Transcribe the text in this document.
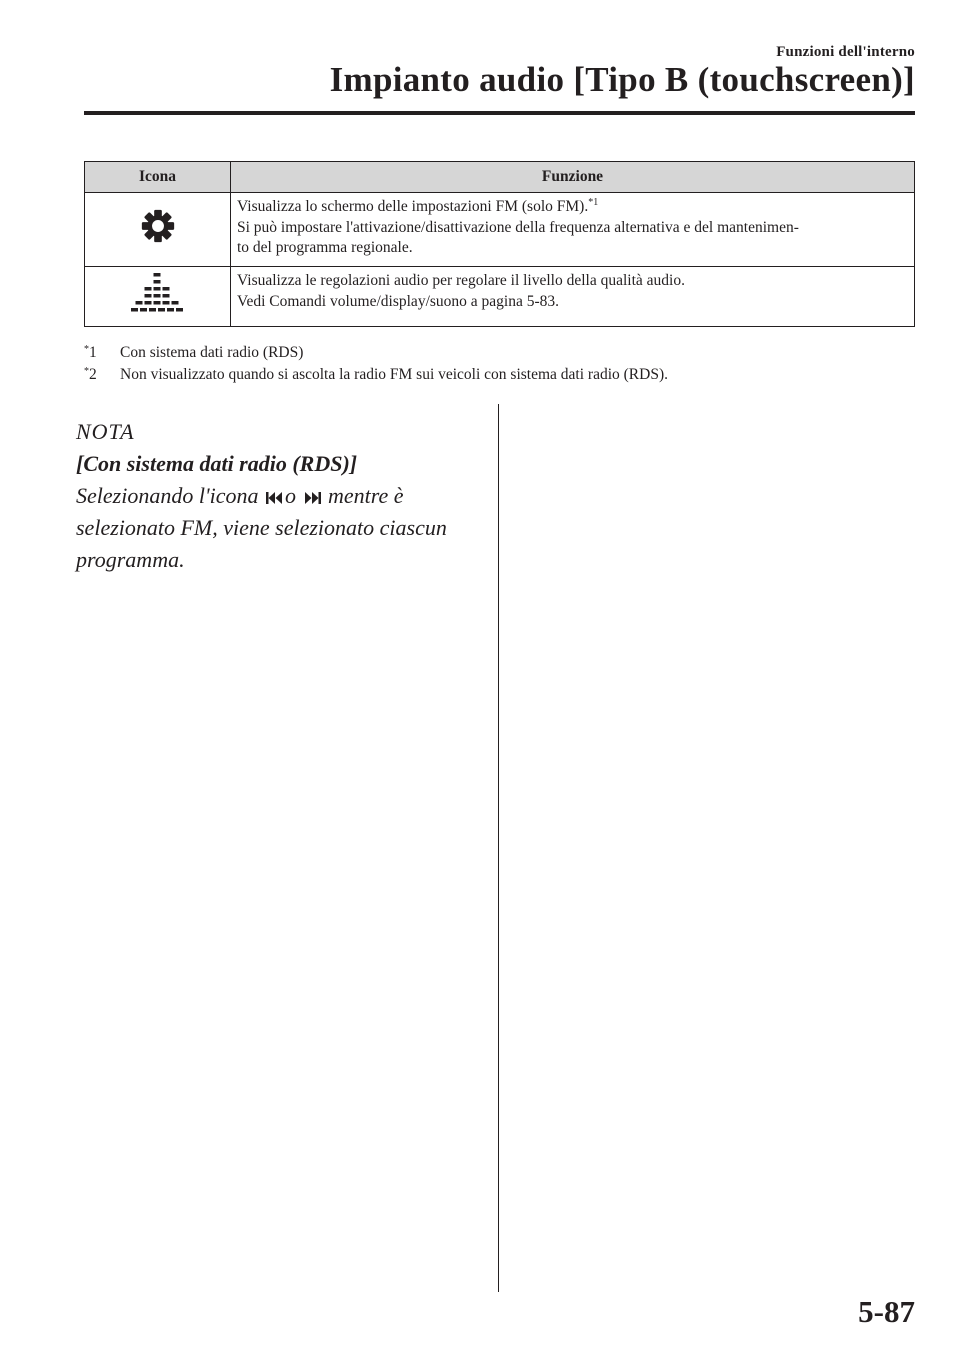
Funzioni dell'interno
Impianto audio [Tipo B (touchscreen)]
Icona	Funzione

Visualizza lo schermo delle impostazioni FM (solo FM).$^{*1}$
Si può impostare l'attivazione/disattivazione della frequenza alternativa e del mantenimen-
to del programma regionale.

Visualizza le regolazioni audio per regolare il livello della qualità audio.
Vedi Comandi volume/display/suono a pagina 5-83.
*1	Con sistema dati radio (RDS)
*2	Non visualizzato quando si ascolta la radio FM sui veicoli con sistema dati radio (RDS).
NOTA
[Con sistema dati radio (RDS)]
Selezionando l'icona o mentre è
selezionato FM, viene selezionato ciascun
programma.
5-87
